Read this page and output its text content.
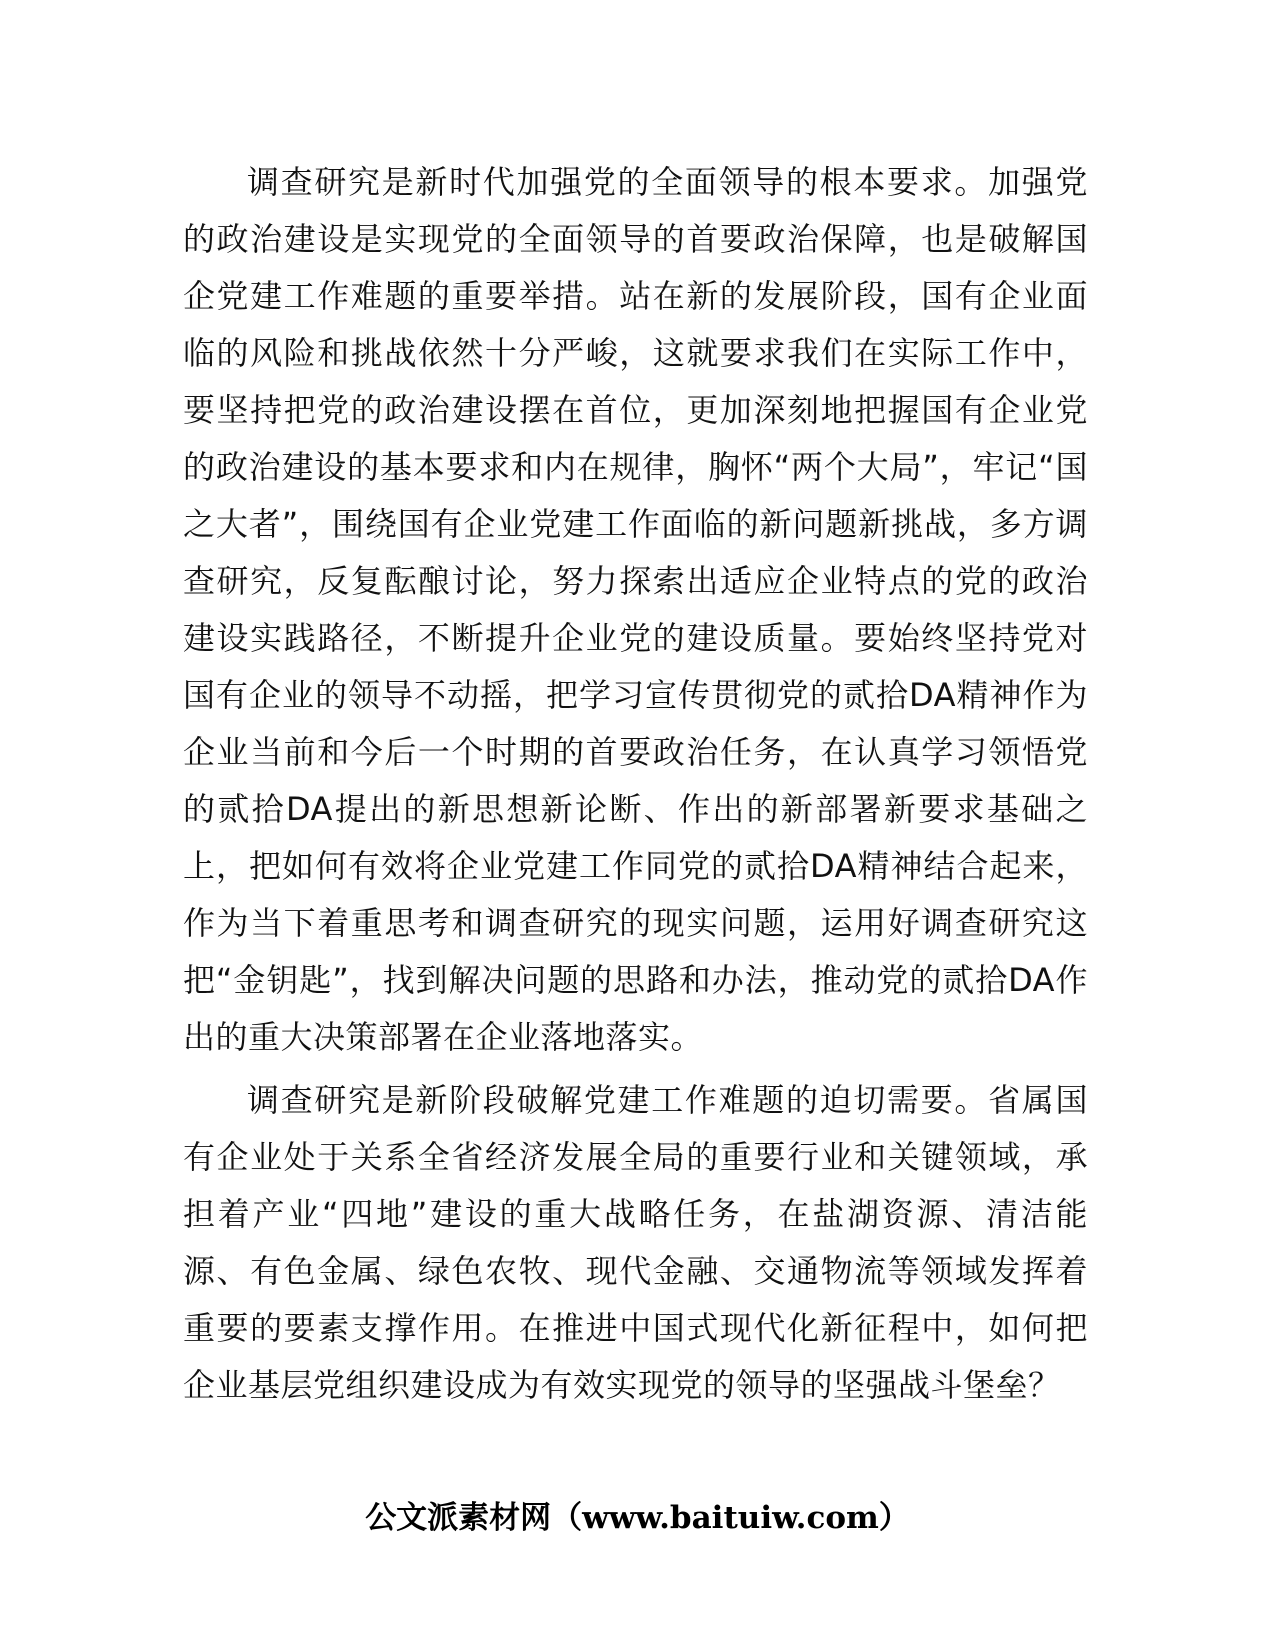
调查研究是新时代加强党的全面领导的根本要求。加强党的政治建设是实现党的全面领导的首要政治保障，也是破解国企党建工作难题的重要举措。站在新的发展阶段，国有企业面临的风险和挑战依然十分严峻，这就要求我们在实际工作中，要坚持把党的政治建设摆在首位，更加深刻地把握国有企业党的政治建设的基本要求和内在规律，胸怀“两个大局”，牢记“国之大者”，围绕国有企业党建工作面临的新问题新挑战，多方调查研究，反复酝酿讨论，努力探索出适应企业特点的党的政治建设实践路径，不断提升企业党的建设质量。要始终坚持党对国有企业的领导不动摇，把学习宣传贯彻党的贰拾DA精神作为企业当前和今后一个时期的首要政治任务，在认真学习领悟党的贰拾DA提出的新思想新论断、作出的新部署新要求基础之上，把如何有效将企业党建工作同党的贰拾DA精神结合起来，作为当下着重思考和调查研究的现实问题，运用好调查研究这把“金钥匙”，找到解决问题的思路和办法，推动党的贰拾DA作出的重大决策部署在企业落地落实。

调查研究是新阶段破解党建工作难题的迫切需要。省属国有企业处于关系全省经济发展全局的重要行业和关键领域，承担着产业“四地”建设的重大战略任务，在盐湖资源、清洁能源、有色金属、绿色农牧、现代金融、交通物流等领域发挥着重要的要素支撑作用。在推进中国式现代化新征程中，如何把企业基层党组织建设成为有效实现党的领导的坚强战斗堡垒？

公文派素材网（www.baituiw.com）
